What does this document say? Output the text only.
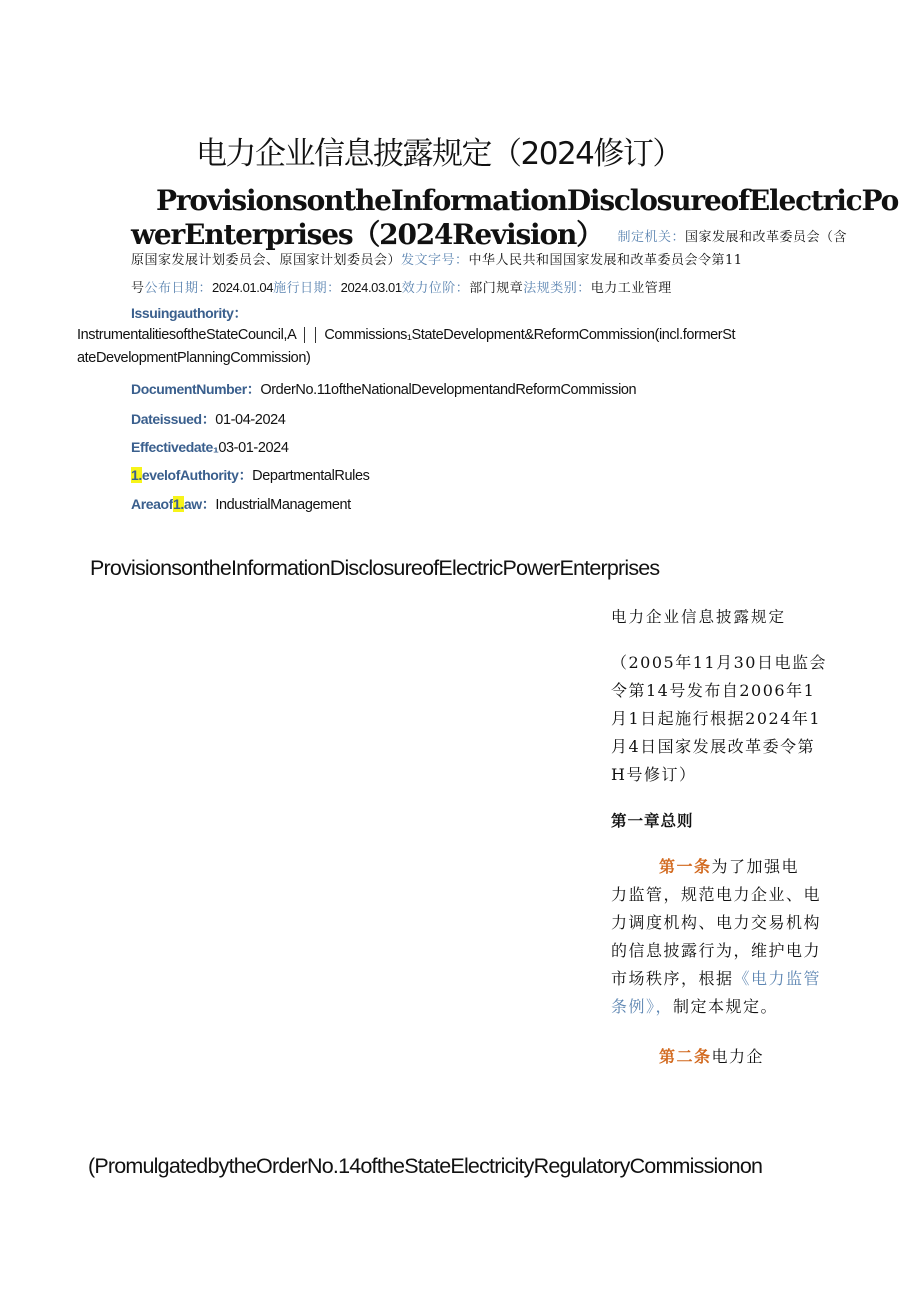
电力企业信息披露规定（2024修订）
ProvisionsontheInformationDisclosureofElectricPo
werEnterprises（2024Revision） 制定机关：国家发展和改革委员会（含
原国家发展计划委员会、原国家计划委员会）发文字号：中华人民共和国国家发展和改革委员会令第11
号公布日期：2024.01.04施行日期：2024.03.01效力位阶：部门规章法规类别：电力工业管理
Issuingauthority：
InstrumentalitiesoftheStateCouncil,A Commissions₁StateDevelopment&ReformCommission(incl.formerSt
ateDevelopmentPlanningCommission)
DocumentNumber：OrderNo.11oftheNationalDevelopmentandReformCommission
Dateissued：01-04-2024
Effectivedate₁03-01-2024
1.evelofAuthority：DepartmentalRules
Areaof1.aw：IndustrialManagement
ProvisionsontheInformationDisclosureofElectricPowerEnterprises
电力企业信息披露规定
（2005年11月30日电监会
令第14号发布自2006年1
月1日起施行根据2024年1
月4日国家发展改革委令第
H号修订）
第一章总则
第一条为了加强电
力监管，规范电力企业、电
力调度机构、电力交易机构
的信息披露行为，维护电力
市场秩序，根据《电力监管
条例》，制定本规定。
第二条电力企
(PromulgatedbytheOrderNo.14oftheStateElectricityRegulatoryCommissionon
